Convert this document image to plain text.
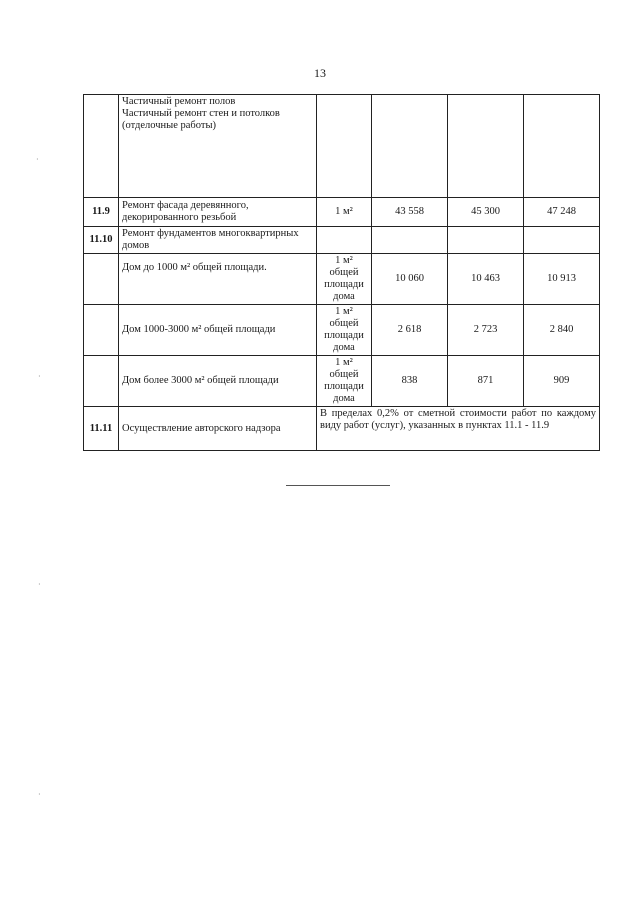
13
	Частичный ремонт полов
Частичный ремонт стен и потолков
(отделочные работы)				
11.9	Ремонт фасада деревянного, декорированного резьбой	1 м²	43 558	45 300	47 248
11.10	Ремонт фундаментов многоквартирных домов				
	Дом до 1000 м² общей площади.	1 м²
общей
площади
дома	10 060	10 463	10 913
	Дом 1000-3000 м² общей площади	1 м²
общей
площади
дома	2 618	2 723	2 840
	Дом более 3000 м² общей площади	1 м²
общей
площади
дома	838	871	909
11.11	Осуществление авторского надзора	В пределах 0,2% от сметной стоимости работ по каждому виду работ (услуг), указанных в пунктах 11.1 - 11.9			
·
·
·
·
